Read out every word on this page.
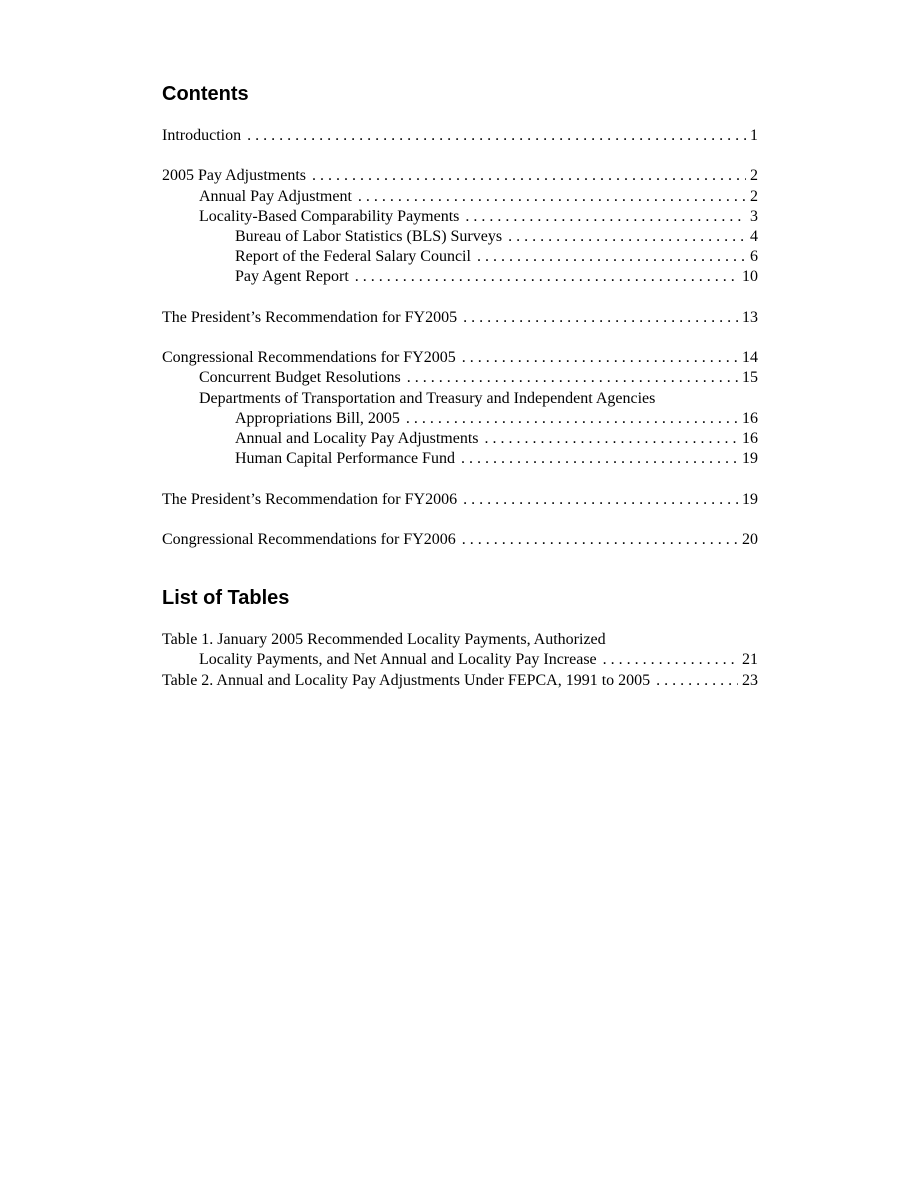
Contents
Introduction . . .	1
2005 Pay Adjustments . . .	2
Annual Pay Adjustment . . .	2
Locality-Based Comparability Payments . . .	3
Bureau of Labor Statistics (BLS) Surveys . . .	4
Report of the Federal Salary Council . . .	6
Pay Agent Report . . .	10
The President’s Recommendation for FY2005 . . .	13
Congressional Recommendations for FY2005 . . .	14
Concurrent Budget Resolutions . . .	15
Departments of Transportation and Treasury and Independent Agencies
Appropriations Bill, 2005 . . .	16
Annual and Locality Pay Adjustments . . .	16
Human Capital Performance Fund . . .	19
The President’s Recommendation for FY2006 . . .	19
Congressional Recommendations for FY2006 . . .	20
List of Tables
Table 1. January 2005 Recommended Locality Payments, Authorized
Locality Payments, and Net Annual and Locality Pay Increase . . .	21
Table 2. Annual and Locality Pay Adjustments Under FEPCA, 1991 to 2005 . . .	23
